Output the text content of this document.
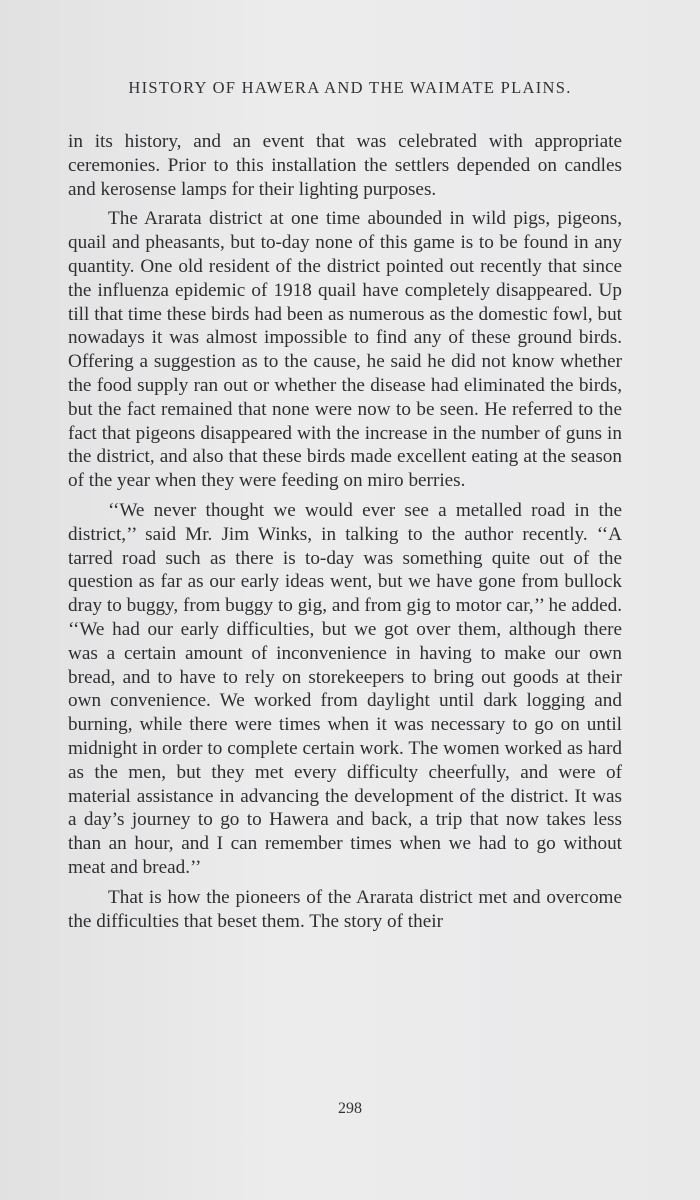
HISTORY OF HAWERA AND THE WAIMATE PLAINS.

in its history, and an event that was celebrated with appropriate ceremonies. Prior to this installation the settlers depended on candles and kerosense lamps for their lighting purposes.

The Ararata district at one time abounded in wild pigs, pigeons, quail and pheasants, but to-day none of this game is to be found in any quantity. One old resident of the district pointed out recently that since the influenza epidemic of 1918 quail have completely disappeared. Up till that time these birds had been as numerous as the domestic fowl, but nowadays it was almost impossible to find any of these ground birds. Offering a suggestion as to the cause, he said he did not know whether the food supply ran out or whether the disease had eliminated the birds, but the fact remained that none were now to be seen. He referred to the fact that pigeons disappeared with the increase in the number of guns in the district, and also that these birds made excellent eating at the season of the year when they were feeding on miro berries.

‘‘We never thought we would ever see a metalled road in the district,’’ said Mr. Jim Winks, in talking to the author recently. ‘‘A tarred road such as there is to-day was something quite out of the question as far as our early ideas went, but we have gone from bullock dray to buggy, from buggy to gig, and from gig to motor car,’’ he added. ‘‘We had our early difficulties, but we got over them, although there was a certain amount of inconvenience in having to make our own bread, and to have to rely on storekeepers to bring out goods at their own convenience. We worked from daylight until dark logging and burning, while there were times when it was necessary to go on until midnight in order to complete certain work. The women worked as hard as the men, but they met every difficulty cheerfully, and were of material assistance in advancing the development of the district. It was a day’s journey to go to Hawera and back, a trip that now takes less than an hour, and I can remember times when we had to go without meat and bread.’’

That is how the pioneers of the Ararata district met and overcome the difficulties that beset them. The story of their

298
